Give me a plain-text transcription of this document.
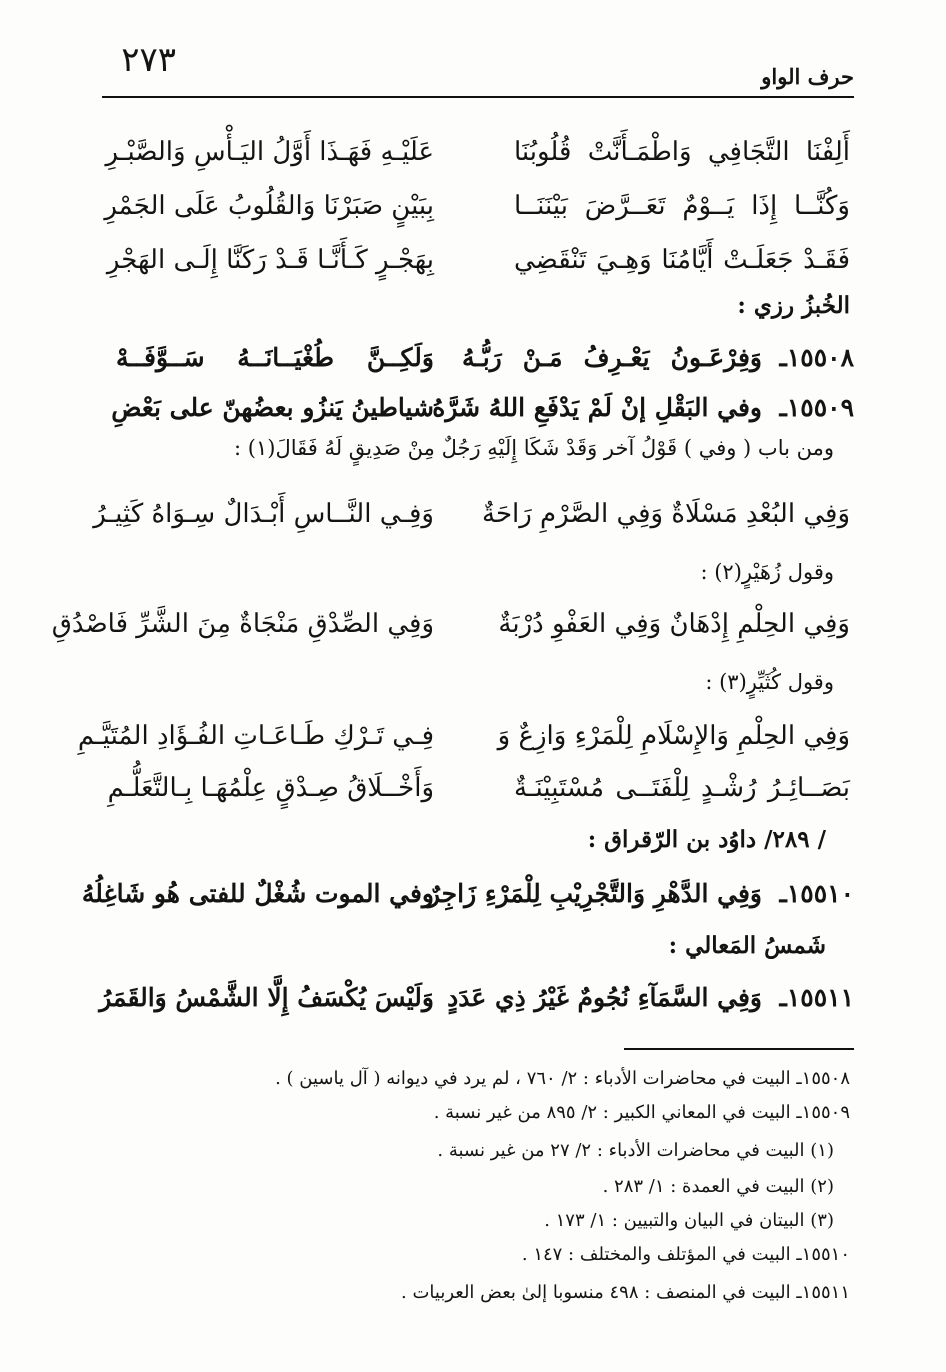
٢٧٣	حرف الواو
أَلِفْنَا التَّجَافِي وَاطْمَـأَنَّتْ قُلُوبُنَا
عَلَيْـهِ فَهَـذَا أَوَّلُ اليَـأْسِ وَالصَّبْـرِ
وَكُنَّــا إِذَا يَــوْمٌ تَعَــرَّضَ بَيْنَنَــا
بِبَيْنٍ صَبَرْنَا وَالقُلُوبُ عَلَى الجَمْرِ
فَقَـدْ جَعَلَـتْ أَيَّامُنَا وَهِـيَ تَنْقَضِي
بِهَجْـرٍ كَـأَنَّـا قَـدْ رَكَنَّا إِلَـى الهَجْرِ
الخُبزُ رزي :
١٥٥٠٨ـ
وَفِرْعَـونُ يَعْـرِفُ مَـنْ رَبُّـهُ
وَلَكِــنَّ طُغْيَــانَــهُ سَــوَّفَــهْ
١٥٥٠٩ـ
وفي البَقْلِ إنْ لَمْ يَدْفَعِ اللهُ شَرَّهُ
شياطينُ يَنزُو بعضُهنّ على بَعْضِ
ومن باب ( وفي ) قَوْلُ آخر وَقَدْ شَكَا إِلَيْهِ رَجُلٌ مِنْ صَدِيقٍ لَهُ فَقَالَ(١) :
وَفِي البُعْدِ مَسْلَاةٌ وَفِي الصَّرْمِ رَاحَةٌ
وَفِـي النَّــاسِ أَبْـدَالٌ سِـوَاهُ كَثِيـرُ
وقول زُهَيْرٍ(٢) :
وَفِي الحِلْمِ إِدْهَانٌ وَفِي العَفْوِ دُرْبَةٌ
وَفِي الصِّدْقِ مَنْجَاةٌ مِنَ الشَّرِّ فَاصْدُقِ
وقول كُثَيِّرٍ(٣) :
وَفِي الحِلْمِ وَالإِسْلَامِ لِلْمَرْءِ وَازِعٌ وَ
فِـي تَـرْكِ طَـاعَـاتِ الفُـؤَادِ المُتَيَّـمِ
بَصَــائِـرُ رُشْـدٍ لِلْفَتَــى مُسْتَبِيْنَـةٌ
وَأَخْــلَاقُ صِـدْقٍ عِلْمُهَـا بِـالتَّعَلُّـمِ
/ ٢٨٩/ داوُد بن الرّقراق :
١٥٥١٠ـ
وَفِي الدَّهْرِ وَالتَّجْرِيْبِ لِلْمَرْءِ زَاجِرٌ
وفي الموت شُغْلٌ للفتى هُو شَاغِلُهُ
شَمسُ المَعالي :
١٥٥١١ـ
وَفِي السَّمَآءِ نُجُومٌ غَيْرُ ذِي عَدَدٍ
وَلَيْسَ يُكْسَفُ إِلَّا الشَّمْسُ وَالقَمَرُ
١٥٥٠٨ـ البيت في محاضرات الأدباء : ٢/ ٧٦٠ ، لم يرد في ديوانه ( آل ياسين ) .
١٥٥٠٩ـ البيت في المعاني الكبير : ٢/ ٨٩٥ من غير نسبة .
(١) البيت في محاضرات الأدباء : ٢/ ٢٧ من غير نسبة .
(٢) البيت في العمدة : ١/ ٢٨٣ .
(٣) البيتان في البيان والتبيين : ١/ ١٧٣ .
١٥٥١٠ـ البيت في المؤتلف والمختلف : ١٤٧ .
١٥٥١١ـ البيت في المنصف : ٤٩٨ منسوبا إلىٰ بعض العربيات .
